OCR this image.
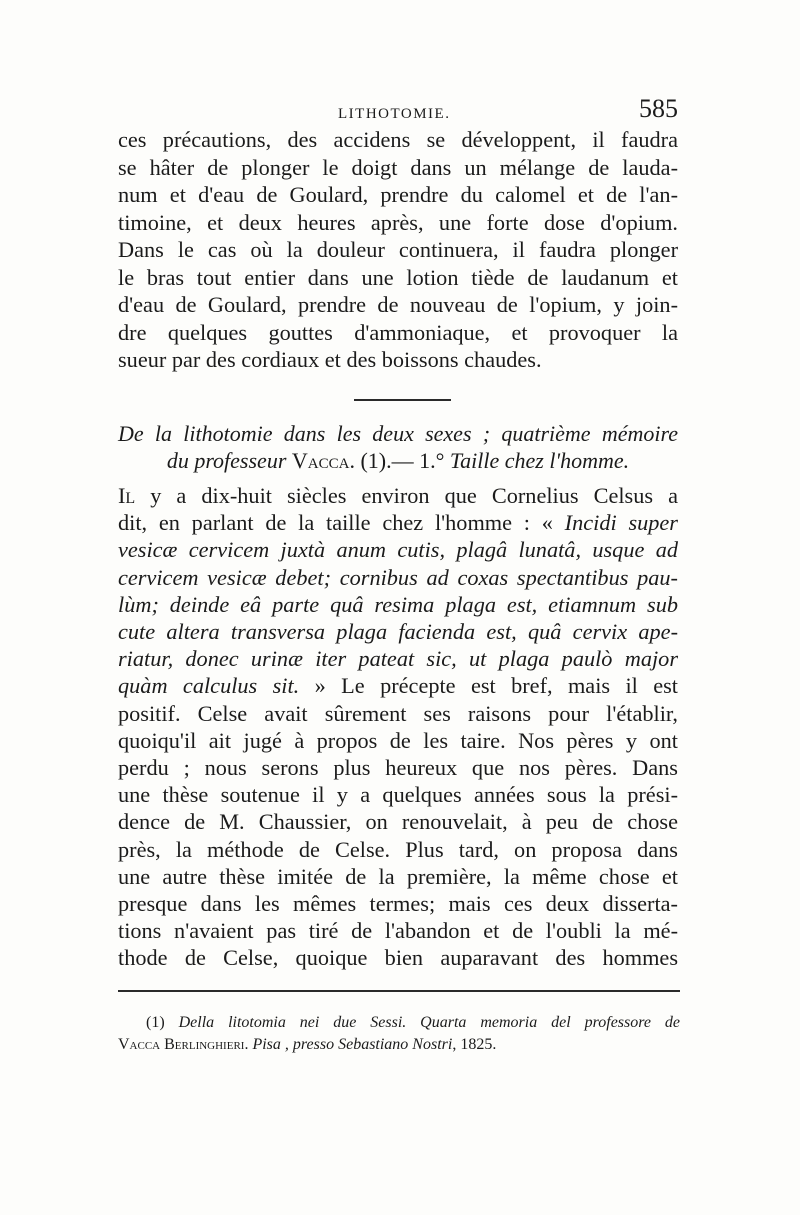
LITHOTOMIE.	585
ces précautions, des accidens se développent, il faudra
se hâter de plonger le doigt dans un mélange de lauda-
num et d'eau de Goulard, prendre du calomel et de l'an-
timoine, et deux heures après, une forte dose d'opium.
Dans le cas où la douleur continuera, il faudra plonger
le bras tout entier dans une lotion tiède de laudanum et
d'eau de Goulard, prendre de nouveau de l'opium, y join-
dre quelques gouttes d'ammoniaque, et provoquer la
sueur par des cordiaux et des boissons chaudes.
De la lithotomie dans les deux sexes ; quatrième mémoire
du professeur Vacca. (1).— 1.° Taille chez l'homme.
Il y a dix-huit siècles environ que Cornelius Celsus a
dit, en parlant de la taille chez l'homme : « Incidi super
vesicæ cervicem juxtà anum cutis, plagâ lunatâ, usque ad
cervicem vesicæ debet; cornibus ad coxas spectantibus pau-
lùm; deinde eâ parte quâ resima plaga est, etiamnum sub
cute altera transversa plaga facienda est, quâ cervix ape-
riatur, donec urinæ iter pateat sic, ut plaga paulò major
quàm calculus sit. » Le précepte est bref, mais il est
positif. Celse avait sûrement ses raisons pour l'établir,
quoiqu'il ait jugé à propos de les taire. Nos pères y ont
perdu ; nous serons plus heureux que nos pères. Dans
une thèse soutenue il y a quelques années sous la prési-
dence de M. Chaussier, on renouvelait, à peu de chose
près, la méthode de Celse. Plus tard, on proposa dans
une autre thèse imitée de la première, la même chose et
presque dans les mêmes termes; mais ces deux disserta-
tions n'avaient pas tiré de l'abandon et de l'oubli la mé-
thode de Celse, quoique bien auparavant des hommes
(1) Della litotomia nei due Sessi. Quarta memoria del professore de
Vacca Berlinghieri. Pisa , presso Sebastiano Nostri, 1825.
